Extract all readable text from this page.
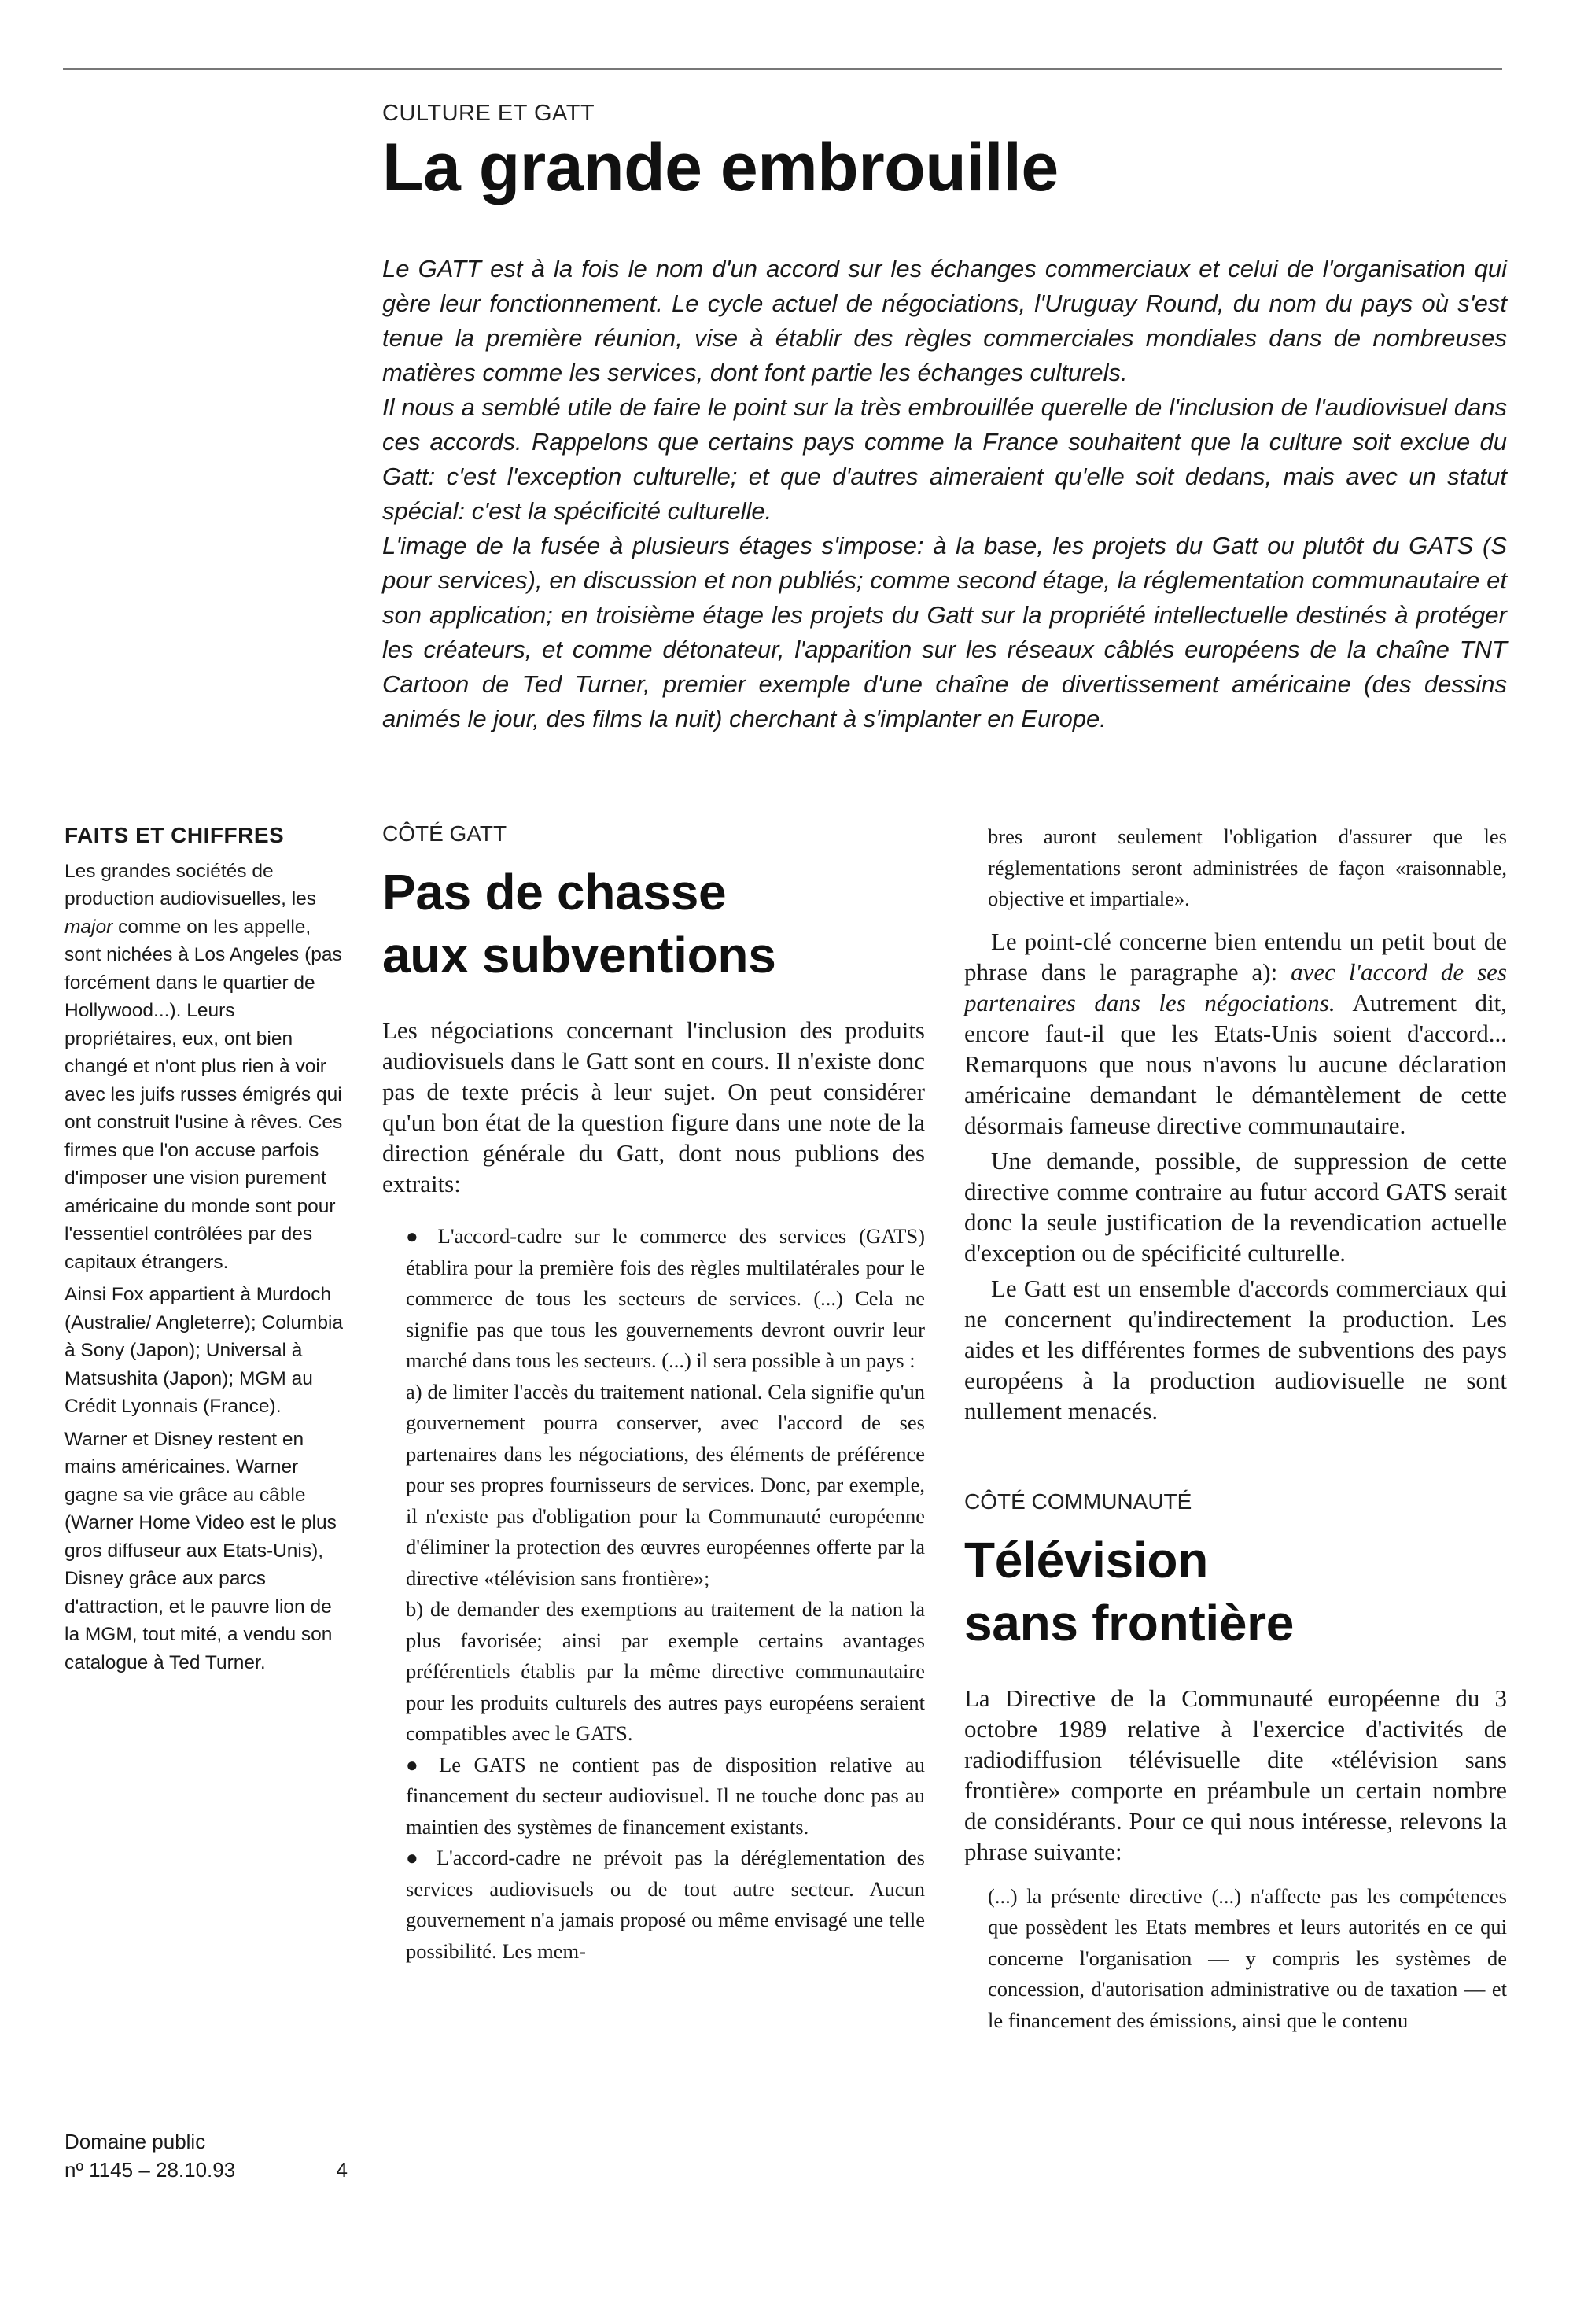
CULTURE ET GATT
La grande embrouille

Le GATT est à la fois le nom d'un accord sur les échanges commerciaux et celui de l'organisation qui gère leur fonctionnement. Le cycle actuel de négociations, l'Uruguay Round, du nom du pays où s'est tenue la première réunion, vise à établir des règles commerciales mondiales dans de nombreuses matières comme les services, dont font partie les échanges culturels.

Il nous a semblé utile de faire le point sur la très embrouillée querelle de l'inclusion de l'audiovisuel dans ces accords. Rappelons que certains pays comme la France souhaitent que la culture soit exclue du Gatt: c'est l'exception culturelle; et que d'autres aimeraient qu'elle soit dedans, mais avec un statut spécial: c'est la spécificité culturelle.

L'image de la fusée à plusieurs étages s'impose: à la base, les projets du Gatt ou plutôt du GATS (S pour services), en discussion et non publiés; comme second étage, la réglementation communautaire et son application; en troisième étage les projets du Gatt sur la propriété intellectuelle destinés à protéger les créateurs, et comme détonateur, l'apparition sur les réseaux câblés européens de la chaîne TNT Cartoon de Ted Turner, premier exemple d'une chaîne de divertissement américaine (des dessins animés le jour, des films la nuit) cherchant à s'implanter en Europe.

FAITS ET CHIFFRES

Les grandes sociétés de production audiovisuelles, les major comme on les appelle, sont nichées à Los Angeles (pas forcément dans le quartier de Hollywood...). Leurs propriétaires, eux, ont bien changé et n'ont plus rien à voir avec les juifs russes émigrés qui ont construit l'usine à rêves. Ces firmes que l'on accuse parfois d'imposer une vision purement américaine du monde sont pour l'essentiel contrôlées par des capitaux étrangers.

Ainsi Fox appartient à Murdoch (Australie/ Angleterre); Columbia à Sony (Japon); Universal à Matsushita (Japon); MGM au Crédit Lyonnais (France).

Warner et Disney restent en mains américaines. Warner gagne sa vie grâce au câble (Warner Home Video est le plus gros diffuseur aux Etats-Unis), Disney grâce aux parcs d'attraction, et le pauvre lion de la MGM, tout mité, a vendu son catalogue à Ted Turner.

Domaine public
nº 1145 – 28.10.93	4
CÔTÉ GATT
Pas de chasse
aux subventions

Les négociations concernant l'inclusion des produits audiovisuels dans le Gatt sont en cours. Il n'existe donc pas de texte précis à leur sujet. On peut considérer qu'un bon état de la question figure dans une note de la direction générale du Gatt, dont nous publions des extraits:

● L'accord-cadre sur le commerce des services (GATS) établira pour la première fois des règles multilatérales pour le commerce de tous les secteurs de services. (...) Cela ne signifie pas que tous les gouvernements devront ouvrir leur marché dans tous les secteurs. (...) il sera possible à un pays :

a) de limiter l'accès du traitement national. Cela signifie qu'un gouvernement pourra conserver, avec l'accord de ses partenaires dans les négociations, des éléments de préférence pour ses propres fournisseurs de services. Donc, par exemple, il n'existe pas d'obligation pour la Communauté européenne d'éliminer la protection des œuvres européennes offerte par la directive «télévision sans frontière»;

b) de demander des exemptions au traitement de la nation la plus favorisée; ainsi par exemple certains avantages préférentiels établis par la même directive communautaire pour les produits culturels des autres pays européens seraient compatibles avec le GATS.

● Le GATS ne contient pas de disposition relative au financement du secteur audiovisuel. Il ne touche donc pas au maintien des systèmes de financement existants.

● L'accord-cadre ne prévoit pas la déréglementation des services audiovisuels ou de tout autre secteur. Aucun gouvernement n'a jamais proposé ou même envisagé une telle possibilité. Les mem-

bres auront seulement l'obligation d'assurer que les réglementations seront administrées de façon «raisonnable, objective et impartiale».

Le point-clé concerne bien entendu un petit bout de phrase dans le paragraphe a): avec l'accord de ses partenaires dans les négociations. Autrement dit, encore faut-il que les Etats-Unis soient d'accord... Remarquons que nous n'avons lu aucune déclaration américaine demandant le démantèlement de cette désormais fameuse directive communautaire.

Une demande, possible, de suppression de cette directive comme contraire au futur accord GATS serait donc la seule justification de la revendication actuelle d'exception ou de spécificité culturelle.

Le Gatt est un ensemble d'accords commerciaux qui ne concernent qu'indirectement la production. Les aides et les différentes formes de subventions des pays européens à la production audiovisuelle ne sont nullement menacés.

CÔTÉ COMMUNAUTÉ
Télévision
sans frontière

La Directive de la Communauté européenne du 3 octobre 1989 relative à l'exercice d'activités de radiodiffusion télévisuelle dite «télévision sans frontière» comporte en préambule un certain nombre de considérants. Pour ce qui nous intéresse, relevons la phrase suivante:

(...) la présente directive (...) n'affecte pas les compétences que possèdent les Etats membres et leurs autorités en ce qui concerne l'organisation — y compris les systèmes de concession, d'autorisation administrative ou de taxation — et le financement des émissions, ainsi que le contenu
